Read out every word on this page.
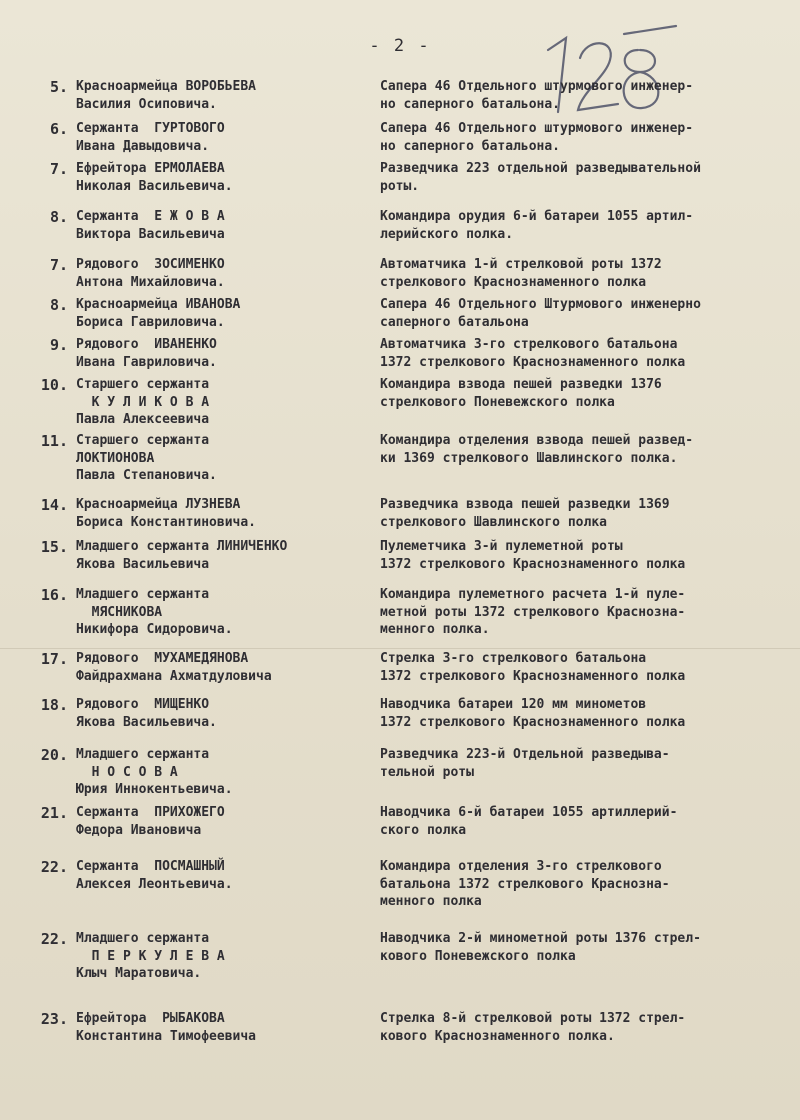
- 2 -
5. Красноармейца ВОРОБЬЕВА
Василия Осиповича.
Сапера 46 Отдельного штурмового инженер-
но саперного батальона.
6. Сержанта  ГУРТОВОГО
Ивана Давыдовича.
Сапера 46 Отдельного штурмового инженер-
но саперного батальона.
7. Ефрейтора ЕРМОЛАЕВА
Николая Васильевича.
Разведчика 223 отдельной разведывательной
роты.
8. Сержанта  Е Ж О В А
Виктора Васильевича
Командира орудия 6-й батареи 1055 артил-
лерийского полка.
7. Рядового  ЗОСИМЕНКО
Антона Михайловича.
Автоматчика 1-й стрелковой роты 1372
стрелкового Краснознаменного полка
8. Красноармейца ИВАНОВА
Бориса Гавриловича.
Сапера 46 Отдельного Штурмового инженерно
саперного батальона
9. Рядового  ИВАНЕНКО
Ивана Гавриловича.
Автоматчика 3-го стрелкового батальона
1372 стрелкового Краснознаменного полка
10. Старшего сержанта
К У Л И К О В А
Павла Алексеевича
Командира взвода пешей разведки 1376
стрелкового Поневежского полка
11. Старшего сержанта
ЛОКТИОНОВА
Павла Степановича.
Командира отделения взвода пешей развед-
ки 1369 стрелкового Шавлинского полка.
14. Красноармейца ЛУЗНЕВА
Бориса Константиновича.
Разведчика взвода пешей разведки 1369
стрелкового Шавлинского полка
15. Младшего сержанта ЛИНИЧЕНКО
Якова Васильевича
Пулеметчика 3-й пулеметной роты
1372 стрелкового Краснознаменного полка
16. Младшего сержанта
МЯСНИКОВА
Никифора Сидоровича.
Командира пулеметного расчета 1-й пуле-
метной роты 1372 стрелкового Краснозна-
менного полка.
17. Рядового  МУХАМЕДЯНОВА
Файдрахмана Ахматдуловича
Стрелка 3-го стрелкового батальона
1372 стрелкового Краснознаменного полка
18. Рядового  МИЩЕНКО
Якова Васильевича.
Наводчика батареи 120 мм минометов
1372 стрелкового Краснознаменного полка
20. Младшего сержанта
Н О С О В А
Юрия Иннокентьевича.
Разведчика 223-й Отдельной разведыва-
тельной роты
21. Сержанта  ПРИХОЖЕГО
Федора Ивановича
Наводчика 6-й батареи 1055 артиллерий-
ского полка
22. Сержанта  ПОСМАШНЫЙ
Алексея Леонтьевича.
Командира отделения 3-го стрелкового
батальона 1372 стрелкового Краснозна-
менного полка
22. Младшего сержанта
П Е Р К У Л Е В А
Клыч Маратовича.
Наводчика 2-й минометной роты 1376 стрел-
кового Поневежского полка
23. Ефрейтора  РЫБАКОВА
Константина Тимофеевича
Стрелка 8-й стрелковой роты 1372 стрел-
кового Краснознаменного полка.
